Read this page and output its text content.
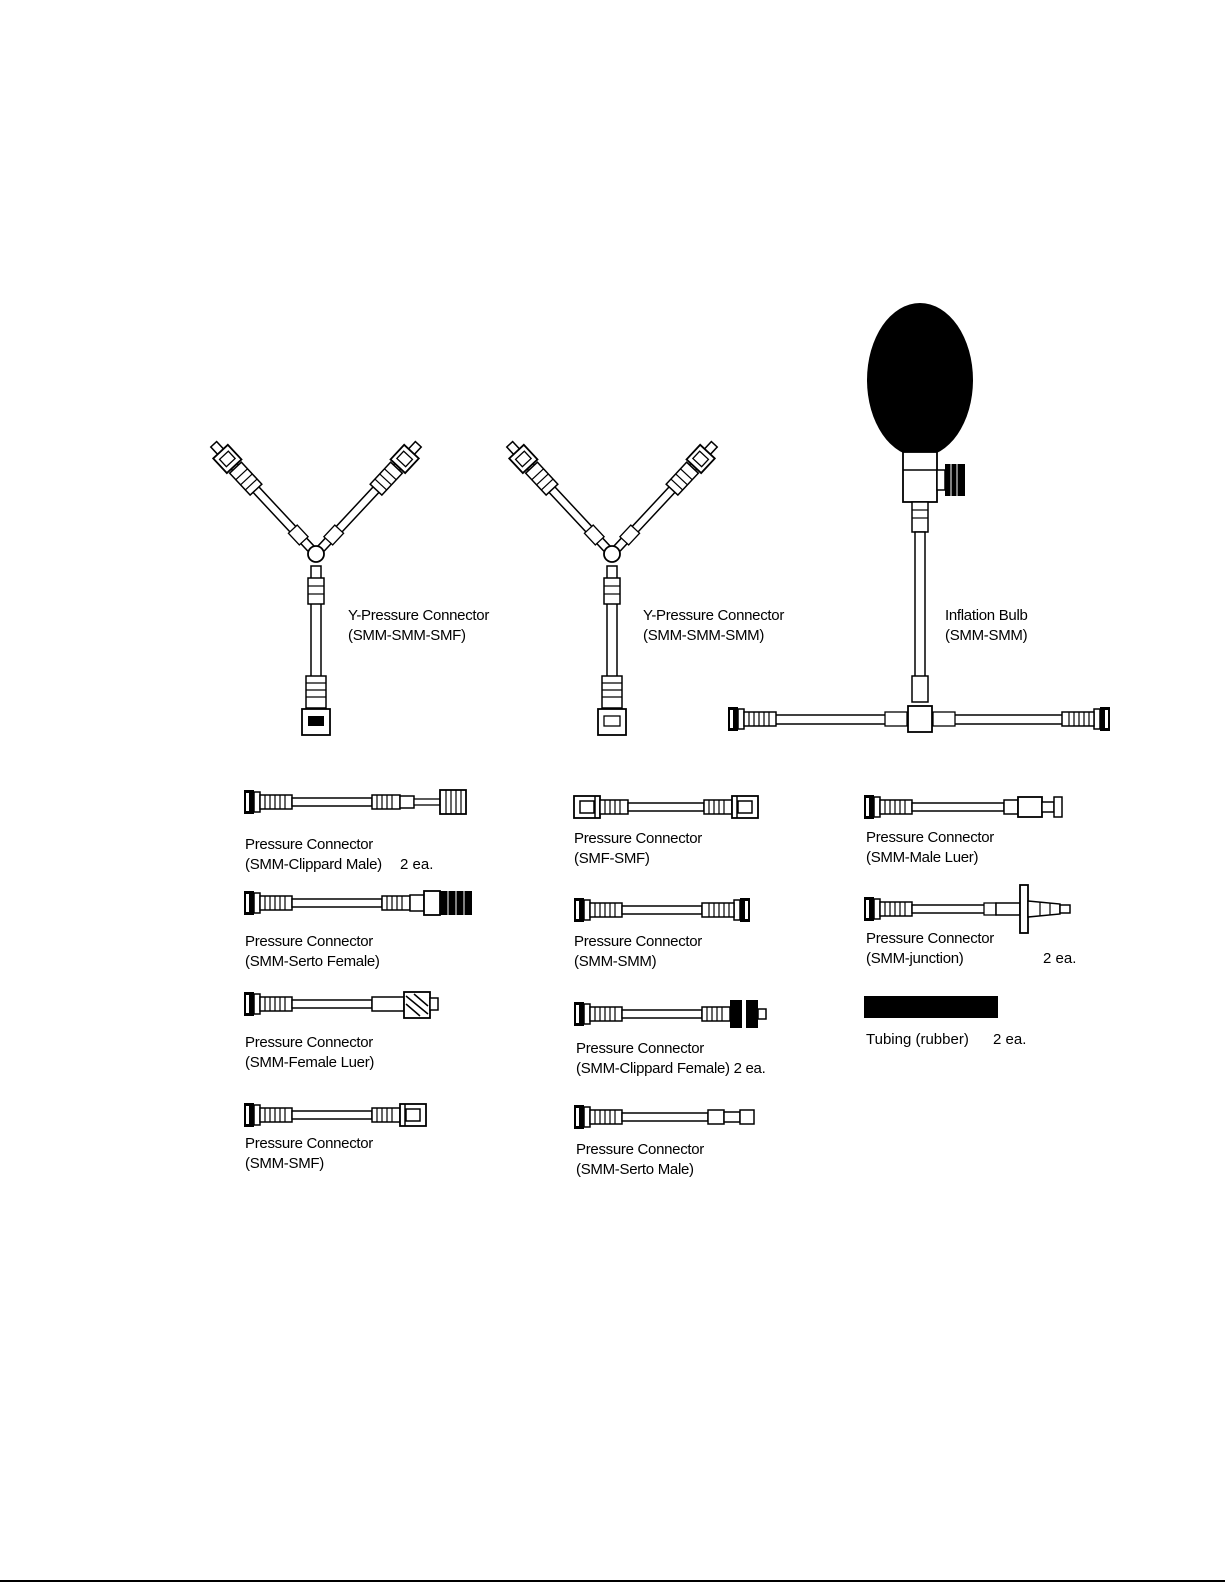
Y-Pressure Connector
(SMM-SMM-SMF)
Y-Pressure Connector
(SMM-SMM-SMM)
Inflation Bulb
(SMM-SMM)
Pressure Connector
(SMM-Clippard Male) 2 ea.
Pressure Connector
(SMM-Serto Female)
Pressure Connector
(SMM-Female Luer)
Pressure Connector
(SMM-SMF)
Pressure Connector
(SMF-SMF)
Pressure Connector
(SMM-SMM)
Pressure Connector
(SMM-Clippard Female) 2 ea.
Pressure Connector
(SMM-Serto Male)
Pressure Connector
(SMM-Male Luer)
Pressure Connector
(SMM-junction)	2 ea.
Tubing (rubber) 2 ea.
